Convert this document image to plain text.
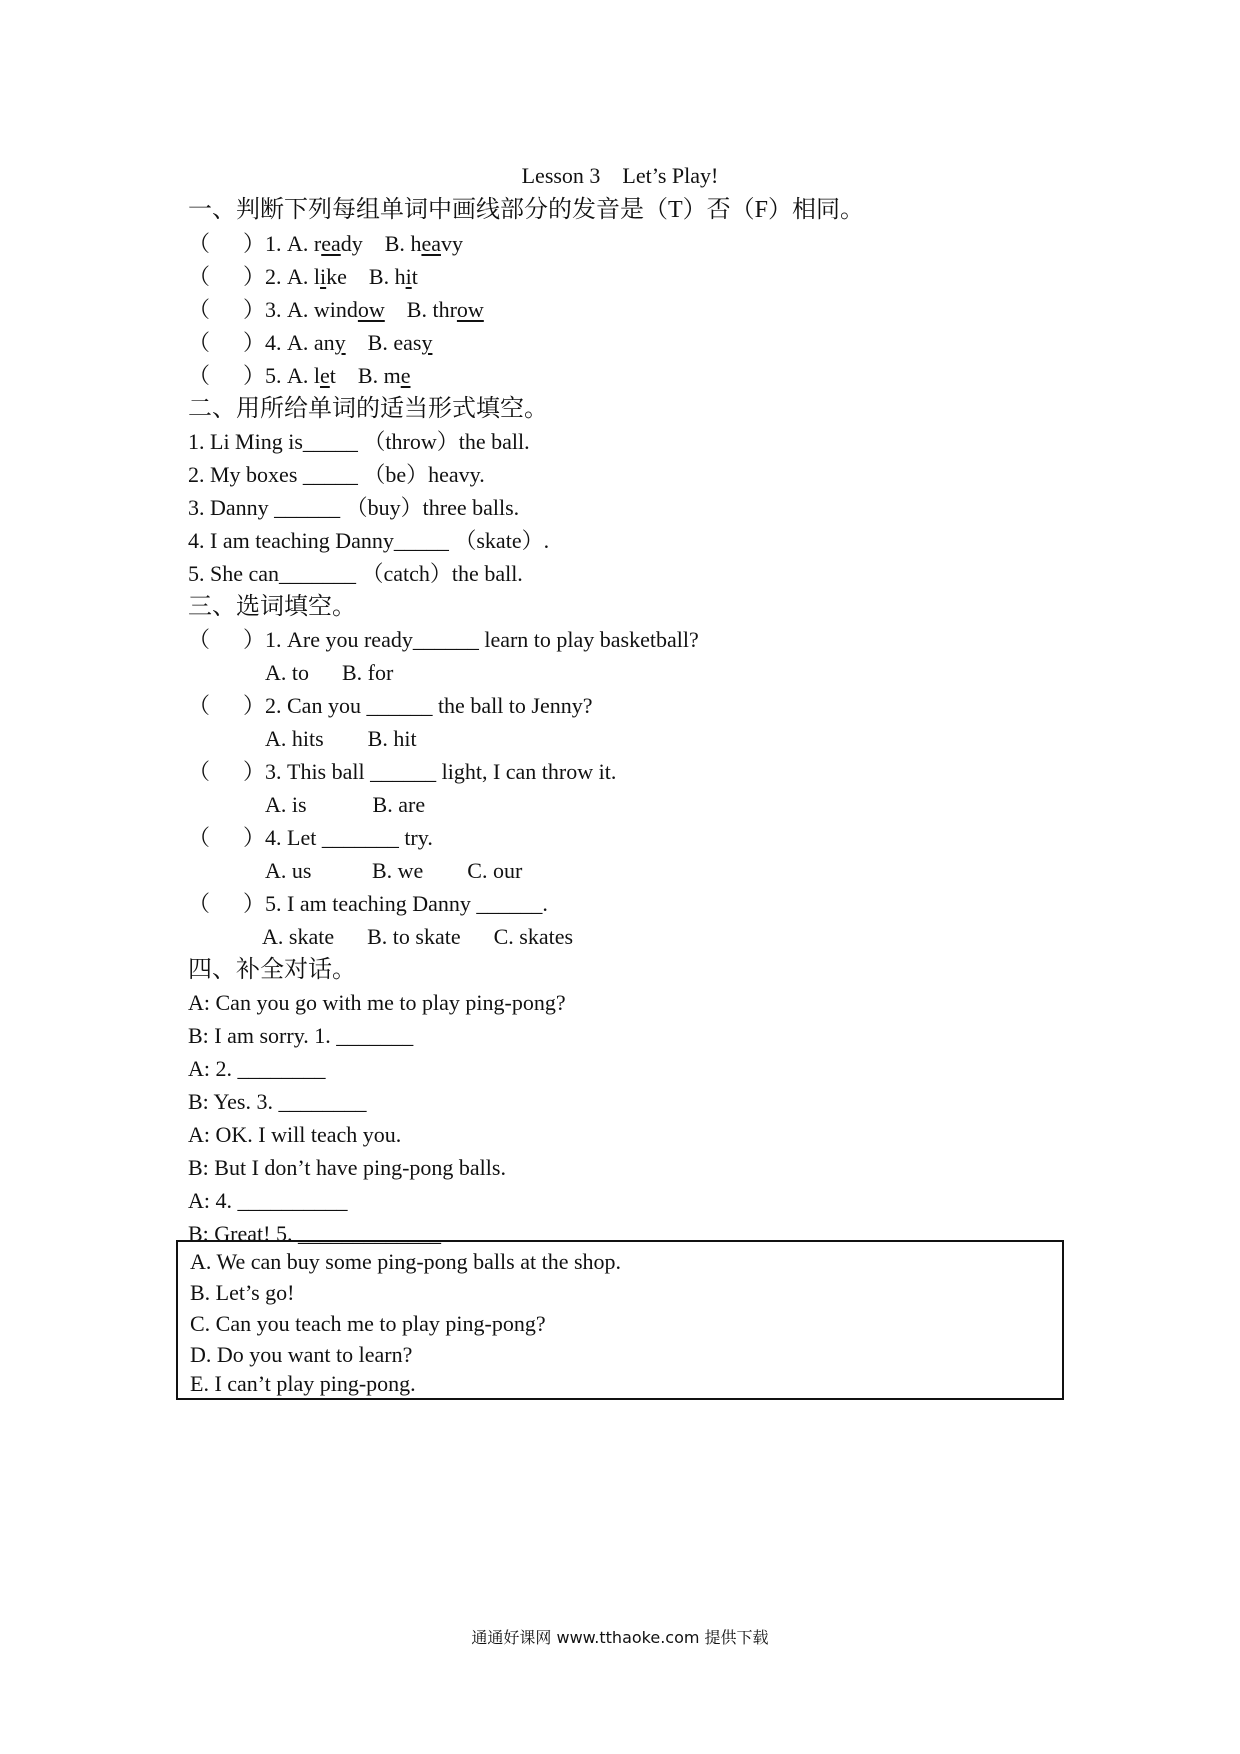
Lesson 3    Let’s Play!
一、判断下列每组单词中画线部分的发音是（T）否（F）相同。
（      ）1. A. ready    B. heavy
（      ）2. A. like    B. hit
（      ）3. A. window    B. throw
（      ）4. A. any    B. easy
（      ）5. A. let    B. me
二、用所给单词的适当形式填空。
1. Li Ming is_____ （throw）the ball.
2. My boxes _____ （be）heavy.
3. Danny ______ （buy）three balls.
4. I am teaching Danny_____ （skate）.
5. She can_______ （catch）the ball.
三、选词填空。
（      ）1. Are you ready______ learn to play basketball?
A. to      B. for
（      ）2. Can you ______ the ball to Jenny?
A. hits        B. hit
（      ）3. This ball ______ light, I can throw it.
A. is            B. are
（      ）4. Let _______ try.
A. us           B. we        C. our
（      ）5. I am teaching Danny ______.
A. skate      B. to skate      C. skates
四、补全对话。
A: Can you go with me to play ping-pong?
B: I am sorry. 1. _______
A: 2. ________
B: Yes. 3. ________
A: OK. I will teach you.
B: But I don’t have ping-pong balls.
A: 4. __________
B: Great! 5. _____________
A. We can buy some ping-pong balls at the shop.
B. Let’s go!
C. Can you teach me to play ping-pong?
D. Do you want to learn?
E. I can’t play ping-pong.
通通好课网 www.tthaoke.com 提供下载
